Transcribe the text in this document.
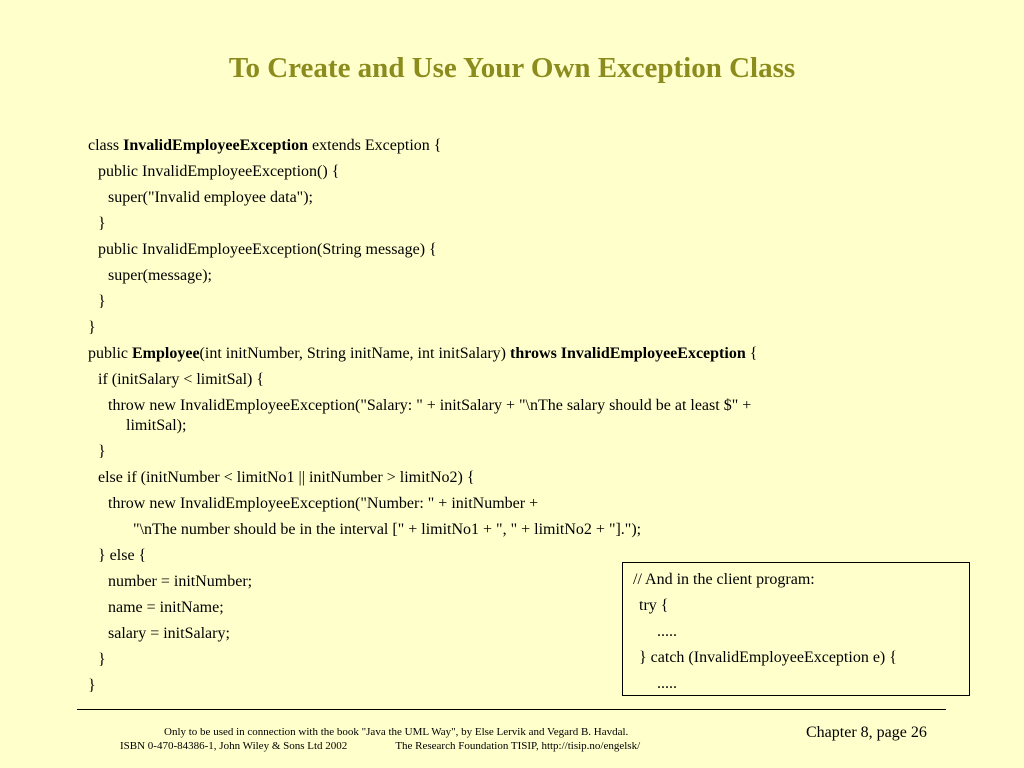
To Create and Use Your Own Exception Class
class InvalidEmployeeException extends Exception {
public InvalidEmployeeException() {
super("Invalid employee data");
}
public InvalidEmployeeException(String message) {
super(message);
}
}
public Employee(int initNumber, String initName, int initSalary) throws InvalidEmployeeException {
if (initSalary < limitSal) {
throw new InvalidEmployeeException("Salary: " + initSalary + "\nThe salary should be at least $" +
limitSal);
}
else if (initNumber < limitNo1 || initNumber > limitNo2) {
throw new InvalidEmployeeException("Number: " + initNumber +
"\nThe number should be in the interval [" + limitNo1 + ", " + limitNo2 + "].");
} else {
number = initNumber;
name = initName;
salary = initSalary;
}
}
// And in the client program:
try {
.....
} catch (InvalidEmployeeException e) {
.....
Only to be used in connection with the book "Java the UML Way", by Else Lervik and Vegard B. Havdal.
ISBN 0-470-84386-1, John Wiley & Sons Ltd 2002	The Research Foundation TISIP, http://tisip.no/engelsk/
Chapter 8, page 26
